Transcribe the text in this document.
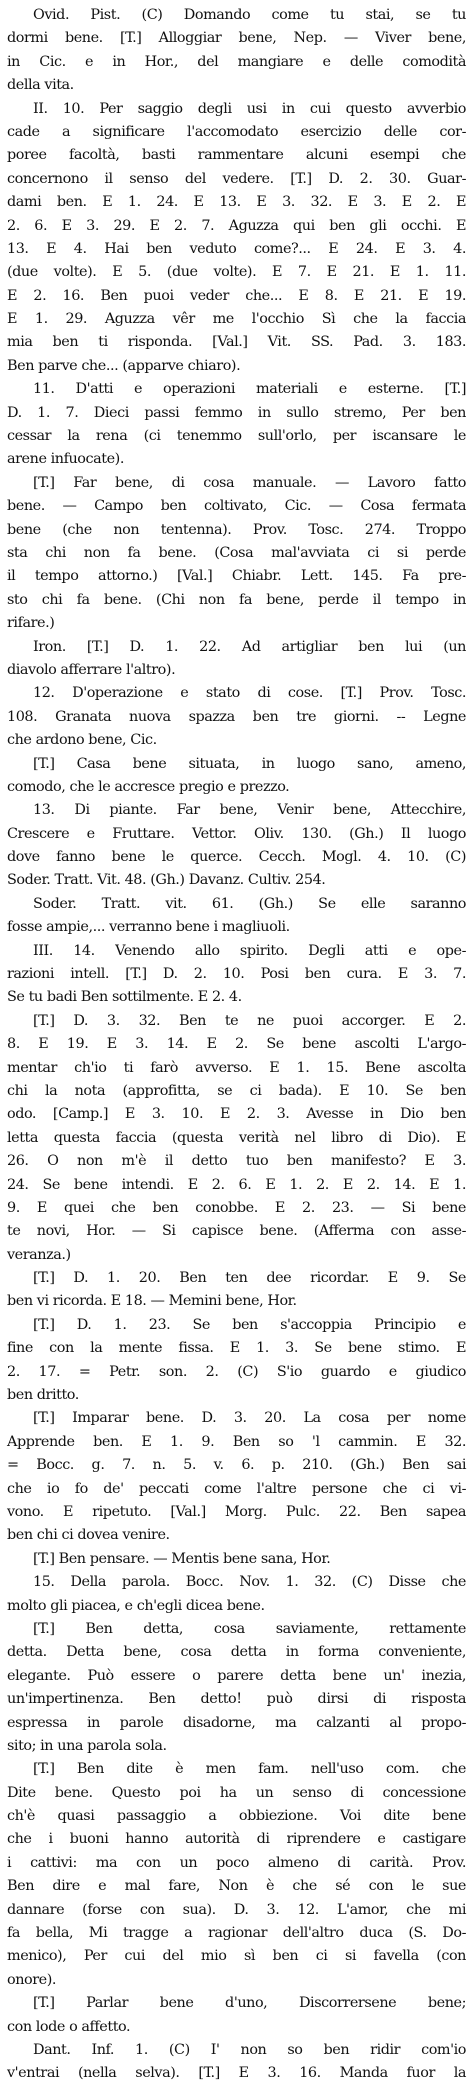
Ovid. Pist. (C) Domando come tu stai, se tu
dormi bene. [T.] Alloggiar bene, Nep. — Viver bene,
in Cic. e in Hor., del mangiare e delle comodità
della vita.
II. 10. Per saggio degli usi in cui questo avverbio
cade a significare l'accomodato esercizio delle cor-
poree facoltà, basti rammentare alcuni esempi che
concernono il senso del vedere. [T.] D. 2. 30. Guar-
dami ben. E 1. 24. E 13. E 3. 32. E 3. E 2. E
2. 6. E 3. 29. E 2. 7. Aguzza qui ben gli occhi. E
13. E 4. Hai ben veduto come?... E 24. E 3. 4.
(due volte). E 5. (due volte). E 7. E 21. E 1. 11.
E 2. 16. Ben puoi veder che... E 8. E 21. E 19.
E 1. 29. Aguzza vêr me l'occhio Sì che la faccia
mia ben ti risponda. [Val.] Vit. SS. Pad. 3. 183.
Ben parve che... (apparve chiaro).
11. D'atti e operazioni materiali e esterne. [T.]
D. 1. 7. Dieci passi femmo in sullo stremo, Per ben
cessar la rena (ci tenemmo sull'orlo, per iscansare le
arene infuocate).
[T.] Far bene, di cosa manuale. — Lavoro fatto
bene. — Campo ben coltivato, Cic. — Cosa fermata
bene (che non tentenna). Prov. Tosc. 274. Troppo
sta chi non fa bene. (Cosa mal'avviata ci si perde
il tempo attorno.) [Val.] Chiabr. Lett. 145. Fa pre-
sto chi fa bene. (Chi non fa bene, perde il tempo in
rifare.)
Iron. [T.] D. 1. 22. Ad artigliar ben lui (un
diavolo afferrare l'altro).
12. D'operazione e stato di cose. [T.] Prov. Tosc.
108. Granata nuova spazza ben tre giorni. -- Legne
che ardono bene, Cic.
[T.] Casa bene situata, in luogo sano, ameno,
comodo, che le accresce pregio e prezzo.
13. Di piante. Far bene, Venir bene, Attecchire,
Crescere e Fruttare. Vettor. Oliv. 130. (Gh.) Il luogo
dove fanno bene le querce. Cecch. Mogl. 4. 10. (C)
Soder. Tratt. Vit. 48. (Gh.) Davanz. Cultiv. 254.
Soder. Tratt. vit. 61. (Gh.) Se elle saranno
fosse ampie,... verranno bene i magliuoli.
III. 14. Venendo allo spirito. Degli atti e ope-
razioni intell. [T.] D. 2. 10. Posi ben cura. E 3. 7.
Se tu badi Ben sottilmente. E 2. 4.
[T.] D. 3. 32. Ben te ne puoi accorger. E 2.
8. E 19. E 3. 14. E 2. Se bene ascolti L'argo-
mentar ch'io ti farò avverso. E 1. 15. Bene ascolta
chi la nota (approfitta, se ci bada). E 10. Se ben
odo. [Camp.] E 3. 10. E 2. 3. Avesse in Dio ben
letta questa faccia (questa verità nel libro di Dio). E
26. O non m'è il detto tuo ben manifesto? E 3.
24. Se bene intendi. E 2. 6. E 1. 2. E 2. 14. E 1.
9. E quei che ben conobbe. E 2. 23. — Si bene
te novi, Hor. — Si capisce bene. (Afferma con asse-
veranza.)
[T.] D. 1. 20. Ben ten dee ricordar. E 9. Se
ben vi ricorda. E 18. — Memini bene, Hor.
[T.] D. 1. 23. Se ben s'accoppia Principio e
fine con la mente fissa. E 1. 3. Se bene stimo. E
2. 17. = Petr. son. 2. (C) S'io guardo e giudico
ben dritto.
[T.] Imparar bene. D. 3. 20. La cosa per nome
Apprende ben. E 1. 9. Ben so 'l cammin. E 32.
= Bocc. g. 7. n. 5. v. 6. p. 210. (Gh.) Ben sai
che io fo de' peccati come l'altre persone che ci vi-
vono. E ripetuto. [Val.] Morg. Pulc. 22. Ben sapea
ben chi ci dovea venire.
[T.] Ben pensare. — Mentis bene sana, Hor.
15. Della parola. Bocc. Nov. 1. 32. (C) Disse che
molto gli piacea, e ch'egli dicea bene.
[T.] Ben detta, cosa saviamente, rettamente
detta. Detta bene, cosa detta in forma conveniente,
elegante. Può essere o parere detta bene un' inezia,
un'impertinenza. Ben detto! può dirsi di risposta
espressa in parole disadorne, ma calzanti al propo-
sito; in una parola sola.
[T.] Ben dite è men fam. nell'uso com. che
Dite bene. Questo poi ha un senso di concessione
ch'è quasi passaggio a obbiezione. Voi dite bene
che i buoni hanno autorità di riprendere e castigare
i cattivi: ma con un poco almeno di carità. Prov.
Ben dire e mal fare, Non è che sé con le sue
dannare (forse con sua). D. 3. 12. L'amor, che mi
fa bella, Mi tragge a ragionar dell'altro duca (S. Do-
menico), Per cui del mio sì ben ci si favella (con
onore).
[T.] Parlar bene d'uno, Discorrersene bene;
con lode o affetto.
Dant. Inf. 1. (C) I' non so ben ridir com'io
v'entrai (nella selva). [T.] E 3. 16. Manda fuor la
